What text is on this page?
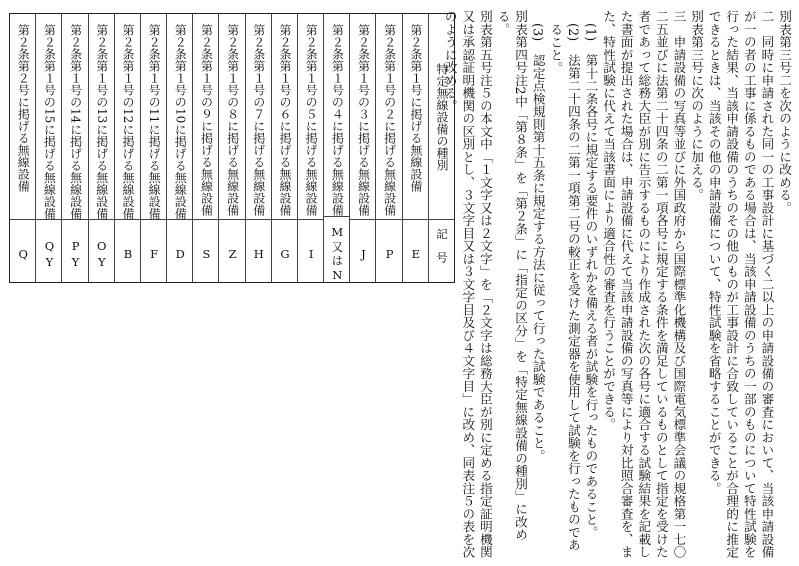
別表第三号二を次のように改める。

二　同時に申請された同一の工事設計に基づく二以上の申請設備の審査において、当該申請設備が一の者の工事に係るものである場合は、当該申請設備のうちの一部のものについて特性試験を行った結果、当該申請設備のうちのその他のものが工事設計に合致していることが合理的に推定できるときは、当該その他の申請設備について、特性試験を省略することができる。

別表第三号に次のように加える。

三　申請設備の写真等並びに外国政府から国際標準化機構及び国際電気標準会議の規格第一七〇二五並びに法第二十四条の二第一項各号に規定する条件を満足しているものとして指定を受けた者であって総務大臣が別に告示するものにより作成された次の各号に適合する試験結果を記載した書面が提出された場合は、申請設備に代えて当該申請設備の写真等により対比照合審査を、また、特性試験に代えて当該書面により適合性の審査を行うことができる。

(1)　第十二条各号に規定する要件のいずれかを備える者が試験を行ったものであること。

(2)　法第二十四条の二第一項第二号の較正を受けた測定器を使用して試験を行ったものであること。

(3)　認定点検規則第十五条に規定する方法に従って行った試験であること。

別表第四号注2中「第８条」を「第２条」に「指定の区分」を「特定無線設備の種別」に改める。

別表第五号注５の本文中「１文字又は２文字」を「２文字は総務大臣が別に定める指定証明機関又は承認証明機関の区別とし、３文字目又は３文字目及び４文字目」に改め、同表注５の表を次のように改める。

特定無線設備の種別
記号
第２条第１号に掲げる無線設備
E
第２条第１号の２に掲げる無線設備
P
第２条第１号の３に掲げる無線設備
J
第２条第１号の４に掲げる無線設備
M又はN
第２条第１号の５に掲げる無線設備
I
第２条第１号の６に掲げる無線設備
G
第２条第１号の７に掲げる無線設備
H
第２条第１号の８に掲げる無線設備
Z
第２条第１号の９に掲げる無線設備
S
第２条第１号の10に掲げる無線設備
D
第２条第１号の11に掲げる無線設備
F
第２条第１号の12に掲げる無線設備
B
第２条第１号の13に掲げる無線設備
OY
第２条第１号の14に掲げる無線設備
PY
第２条第１号の15に掲げる無線設備
QY
第２条第２号に掲げる無線設備
Q
